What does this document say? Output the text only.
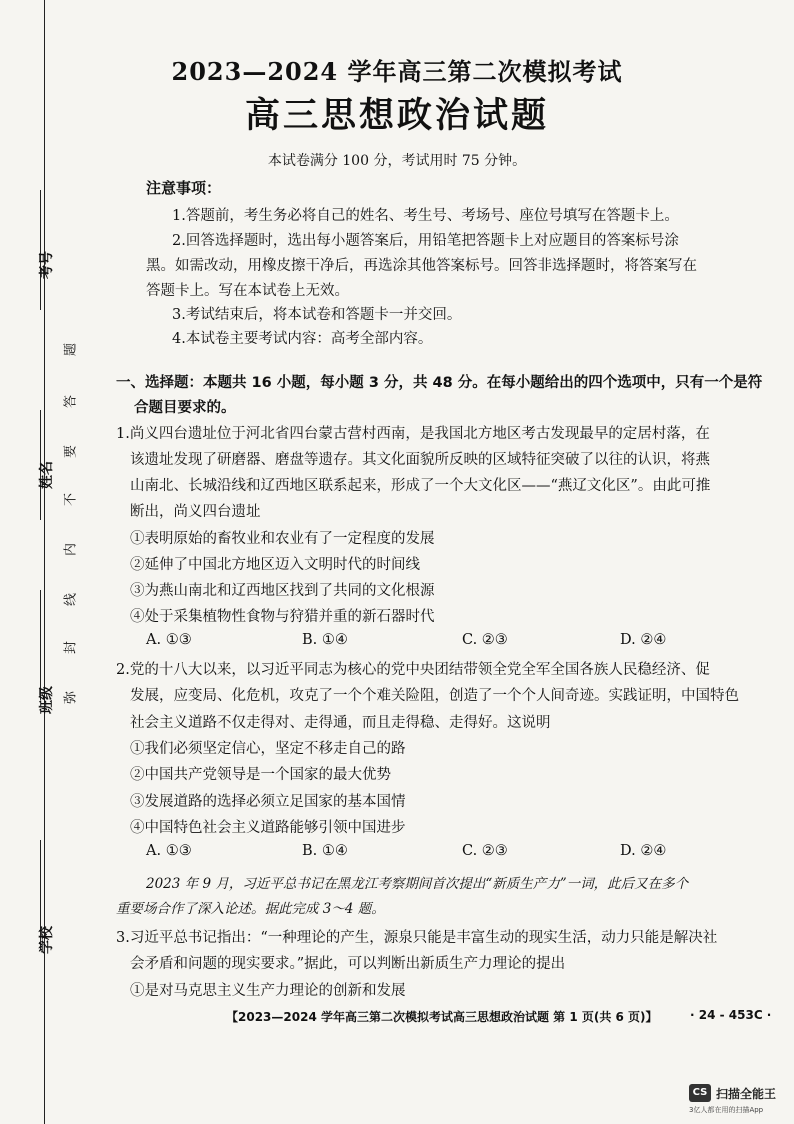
考号
姓名
班级
学校
题
答
要
不
内
线
封
弥
2023—2024 学年高三第二次模拟考试
高三思想政治试题
本试卷满分 100 分，考试用时 75 分钟。
注意事项：
1.答题前，考生务必将自己的姓名、考生号、考场号、座位号填写在答题卡上。
2.回答选择题时，选出每小题答案后，用铅笔把答题卡上对应题目的答案标号涂
黑。如需改动，用橡皮擦干净后，再选涂其他答案标号。回答非选择题时，将答案写在
答题卡上。写在本试卷上无效。
3.考试结束后，将本试卷和答题卡一并交回。
4.本试卷主要考试内容：高考全部内容。
一、选择题：本题共 16 小题，每小题 3 分，共 48 分。在每小题给出的四个选项中，只有一个是符
合题目要求的。
1.尚义四台遗址位于河北省四台蒙古营村西南，是我国北方地区考古发现最早的定居村落，在
该遗址发现了研磨器、磨盘等遗存。其文化面貌所反映的区域特征突破了以往的认识，将燕
山南北、长城沿线和辽西地区联系起来，形成了一个大文化区——“燕辽文化区”。由此可推
断出，尚义四台遗址
①表明原始的畜牧业和农业有了一定程度的发展
②延伸了中国北方地区迈入文明时代的时间线
③为燕山南北和辽西地区找到了共同的文化根源
④处于采集植物性食物与狩猎并重的新石器时代
A. ①③	B. ①④	C. ②③	D. ②④
2.党的十八大以来，以习近平同志为核心的党中央团结带领全党全军全国各族人民稳经济、促
发展，应变局、化危机，攻克了一个个难关险阻，创造了一个个人间奇迹。实践证明，中国特色
社会主义道路不仅走得对、走得通，而且走得稳、走得好。这说明
①我们必须坚定信心，坚定不移走自己的路
②中国共产党领导是一个国家的最大优势
③发展道路的选择必须立足国家的基本国情
④中国特色社会主义道路能够引领中国进步
A. ①③	B. ①④	C. ②③	D. ②④
2023 年 9 月，习近平总书记在黑龙江考察期间首次提出“新质生产力”一词，此后又在多个
重要场合作了深入论述。据此完成 3～4 题。
3.习近平总书记指出：“一种理论的产生，源泉只能是丰富生动的现实生活，动力只能是解决社
会矛盾和问题的现实要求。”据此，可以判断出新质生产力理论的提出
①是对马克思主义生产力理论的创新和发展
【2023—2024 学年高三第二次模拟考试高三思想政治试题 第 1 页(共 6 页)】	· 24 - 453C ·
CS 扫描全能王
3亿人都在用的扫描App
